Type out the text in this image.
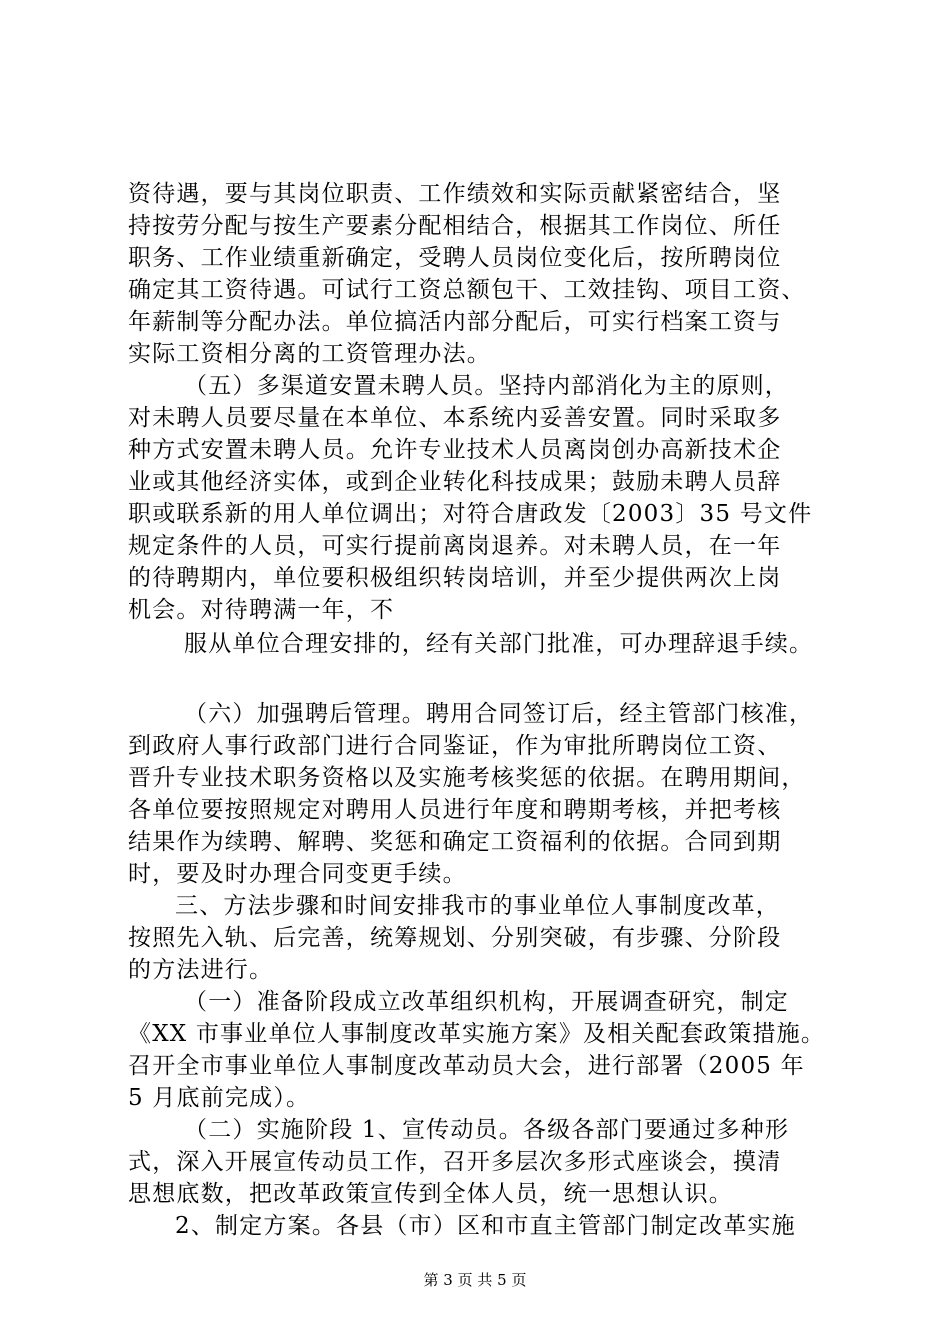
资待遇，要与其岗位职责、工作绩效和实际贡献紧密结合，坚
持按劳分配与按生产要素分配相结合，根据其工作岗位、所任
职务、工作业绩重新确定，受聘人员岗位变化后，按所聘岗位
确定其工资待遇。可试行工资总额包干、工效挂钩、项目工资、
年薪制等分配办法。单位搞活内部分配后，可实行档案工资与
实际工资相分离的工资管理办法。
（五）多渠道安置未聘人员。坚持内部消化为主的原则，
对未聘人员要尽量在本单位、本系统内妥善安置。同时采取多
种方式安置未聘人员。允许专业技术人员离岗创办高新技术企
业或其他经济实体，或到企业转化科技成果；鼓励未聘人员辞
职或联系新的用人单位调出；对符合唐政发〔2003〕35 号文件
规定条件的人员，可实行提前离岗退养。对未聘人员，在一年
的待聘期内，单位要积极组织转岗培训，并至少提供两次上岗
机会。对待聘满一年，不
服从单位合理安排的，经有关部门批准，可办理辞退手续。
（六）加强聘后管理。聘用合同签订后，经主管部门核准，
到政府人事行政部门进行合同鉴证，作为审批所聘岗位工资、
晋升专业技术职务资格以及实施考核奖惩的依据。在聘用期间，
各单位要按照规定对聘用人员进行年度和聘期考核，并把考核
结果作为续聘、解聘、奖惩和确定工资福利的依据。合同到期
时，要及时办理合同变更手续。
三、方法步骤和时间安排我市的事业单位人事制度改革，
按照先入轨、后完善，统筹规划、分别突破，有步骤、分阶段
的方法进行。
（一）准备阶段成立改革组织机构，开展调查研究，制定
《XX 市事业单位人事制度改革实施方案》及相关配套政策措施。
召开全市事业单位人事制度改革动员大会，进行部署（2005 年
5 月底前完成）。
（二）实施阶段 1、宣传动员。各级各部门要通过多种形
式，深入开展宣传动员工作，召开多层次多形式座谈会，摸清
思想底数，把改革政策宣传到全体人员，统一思想认识。
2、制定方案。各县（市）区和市直主管部门制定改革实施
第 3 页 共 5 页
